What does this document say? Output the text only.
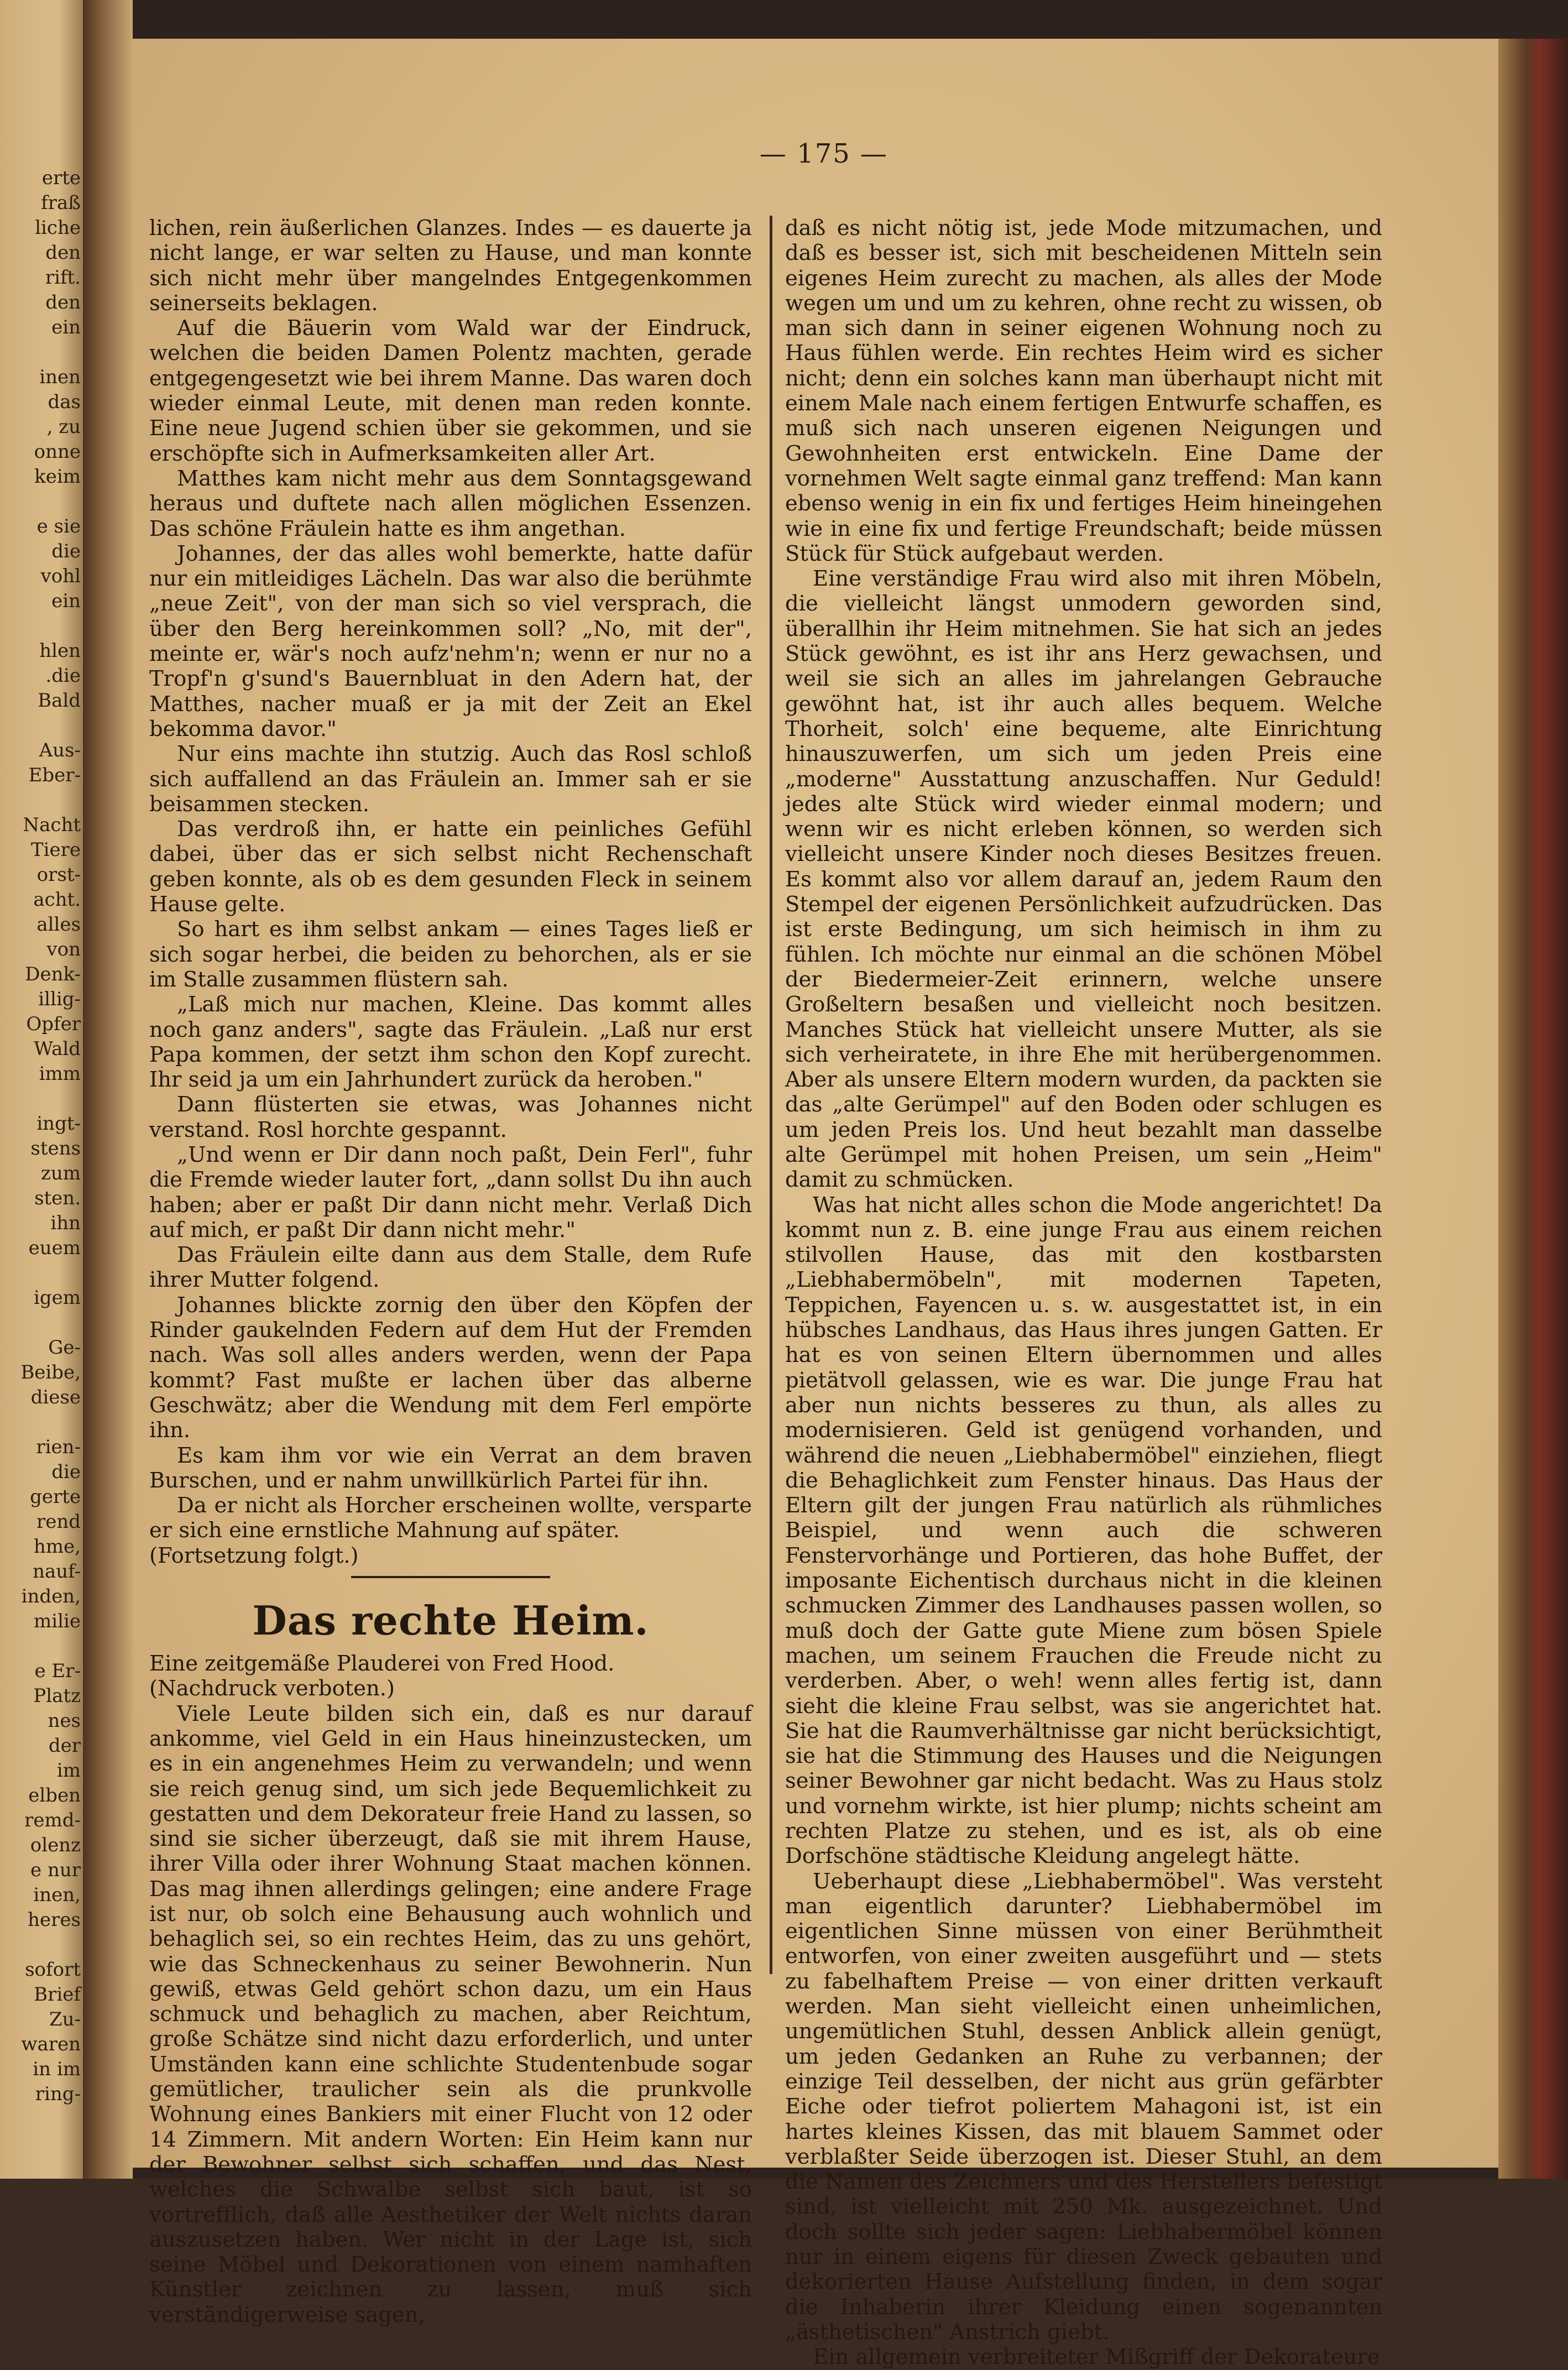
erte
fraß
liche
den
rift.
den
ein
inen
das
, zu
onne
keim
e sie
die
vohl
ein
hlen
.die
Bald
Aus-
Eber-
Nacht
Tiere
orst-
acht.
alles
von
Denk-
illig-
Opfer
Wald
imm
ingt-
stens
zum
sten.
ihn
euem
igem
Ge-
Beibe,
diese
rien-
die
gerte
rend
hme,
nauf-
inden,
milie
e Er-
Platz
nes
der
im
elben
remd-
olenz
e nur
inen,
heres
sofort
Brief
Zu-
waren
in im
ring-
— 175 —

lichen, rein äußerlichen Glanzes. Indes — es dauerte ja nicht lange, er war selten zu Hause, und man konnte sich nicht mehr über mangelndes Entgegenkommen seinerseits beklagen.

Auf die Bäuerin vom Wald war der Eindruck, welchen die beiden Damen Polentz machten, gerade entgegengesetzt wie bei ihrem Manne. Das waren doch wieder einmal Leute, mit denen man reden konnte. Eine neue Jugend schien über sie gekommen, und sie erschöpfte sich in Aufmerksamkeiten aller Art.

Matthes kam nicht mehr aus dem Sonntagsgewand heraus und duftete nach allen möglichen Essenzen. Das schöne Fräulein hatte es ihm angethan.

Johannes, der das alles wohl bemerkte, hatte dafür nur ein mitleidiges Lächeln. Das war also die berühmte „neue Zeit", von der man sich so viel versprach, die über den Berg hereinkommen soll? „No, mit der", meinte er, wär's noch aufz'nehm'n; wenn er nur no a Tropf'n g'sund's Bauernbluat in den Adern hat, der Matthes, nacher muaß er ja mit der Zeit an Ekel bekomma davor."

Nur eins machte ihn stutzig. Auch das Rosl schloß sich auffallend an das Fräulein an. Immer sah er sie beisammen stecken.

Das verdroß ihn, er hatte ein peinliches Gefühl dabei, über das er sich selbst nicht Rechenschaft geben konnte, als ob es dem gesunden Fleck in seinem Hause gelte.

So hart es ihm selbst ankam — eines Tages ließ er sich sogar herbei, die beiden zu behorchen, als er sie im Stalle zusammen flüstern sah.

„Laß mich nur machen, Kleine. Das kommt alles noch ganz anders", sagte das Fräulein. „Laß nur erst Papa kommen, der setzt ihm schon den Kopf zurecht. Ihr seid ja um ein Jahrhundert zurück da heroben."

Dann flüsterten sie etwas, was Johannes nicht verstand. Rosl horchte gespannt.

„Und wenn er Dir dann noch paßt, Dein Ferl", fuhr die Fremde wieder lauter fort, „dann sollst Du ihn auch haben; aber er paßt Dir dann nicht mehr. Verlaß Dich auf mich, er paßt Dir dann nicht mehr."

Das Fräulein eilte dann aus dem Stalle, dem Rufe ihrer Mutter folgend.

Johannes blickte zornig den über den Köpfen der Rinder gaukelnden Federn auf dem Hut der Fremden nach. Was soll alles anders werden, wenn der Papa kommt? Fast mußte er lachen über das alberne Geschwätz; aber die Wendung mit dem Ferl empörte ihn.

Es kam ihm vor wie ein Verrat an dem braven Burschen, und er nahm unwillkürlich Partei für ihn.

Da er nicht als Horcher erscheinen wollte, versparte er sich eine ernstliche Mahnung auf später.

(Fortsetzung folgt.)

Das rechte Heim.

Eine zeitgemäße Plauderei von Fred Hood.

(Nachdruck verboten.)

Viele Leute bilden sich ein, daß es nur darauf ankomme, viel Geld in ein Haus hineinzustecken, um es in ein angenehmes Heim zu verwandeln; und wenn sie reich genug sind, um sich jede Bequemlichkeit zu gestatten und dem Dekorateur freie Hand zu lassen, so sind sie sicher überzeugt, daß sie mit ihrem Hause, ihrer Villa oder ihrer Wohnung Staat machen können. Das mag ihnen allerdings gelingen; eine andere Frage ist nur, ob solch eine Behausung auch wohnlich und behaglich sei, so ein rechtes Heim, das zu uns gehört, wie das Schneckenhaus zu seiner Bewohnerin. Nun gewiß, etwas Geld gehört schon dazu, um ein Haus schmuck und behaglich zu machen, aber Reichtum, große Schätze sind nicht dazu erforderlich, und unter Umständen kann eine schlichte Studentenbude sogar gemütlicher, traulicher sein als die prunkvolle Wohnung eines Bankiers mit einer Flucht von 12 oder 14 Zimmern. Mit andern Worten: Ein Heim kann nur der Bewohner selbst sich schaffen, und das Nest, welches die Schwalbe selbst sich baut, ist so vortrefflich, daß alle Aesthetiker der Welt nichts daran auszusetzen haben. Wer nicht in der Lage ist, sich seine Möbel und Dekorationen von einem namhaften Künstler zeichnen zu lassen, muß sich verständigerweise sagen,

daß es nicht nötig ist, jede Mode mitzumachen, und daß es besser ist, sich mit bescheidenen Mitteln sein eigenes Heim zurecht zu machen, als alles der Mode wegen um und um zu kehren, ohne recht zu wissen, ob man sich dann in seiner eigenen Wohnung noch zu Haus fühlen werde. Ein rechtes Heim wird es sicher nicht; denn ein solches kann man überhaupt nicht mit einem Male nach einem fertigen Entwurfe schaffen, es muß sich nach unseren eigenen Neigungen und Gewohnheiten erst entwickeln. Eine Dame der vornehmen Welt sagte einmal ganz treffend: Man kann ebenso wenig in ein fix und fertiges Heim hineingehen wie in eine fix und fertige Freundschaft; beide müssen Stück für Stück aufgebaut werden.

Eine verständige Frau wird also mit ihren Möbeln, die vielleicht längst unmodern geworden sind, überallhin ihr Heim mitnehmen. Sie hat sich an jedes Stück gewöhnt, es ist ihr ans Herz gewachsen, und weil sie sich an alles im jahrelangen Gebrauche gewöhnt hat, ist ihr auch alles bequem. Welche Thorheit, solch' eine bequeme, alte Einrichtung hinauszuwerfen, um sich um jeden Preis eine „moderne" Ausstattung anzuschaffen. Nur Geduld! jedes alte Stück wird wieder einmal modern; und wenn wir es nicht erleben können, so werden sich vielleicht unsere Kinder noch dieses Besitzes freuen. Es kommt also vor allem darauf an, jedem Raum den Stempel der eigenen Persönlichkeit aufzudrücken. Das ist erste Bedingung, um sich heimisch in ihm zu fühlen. Ich möchte nur einmal an die schönen Möbel der Biedermeier-Zeit erinnern, welche unsere Großeltern besaßen und vielleicht noch besitzen. Manches Stück hat vielleicht unsere Mutter, als sie sich verheiratete, in ihre Ehe mit herübergenommen. Aber als unsere Eltern modern wurden, da packten sie das „alte Gerümpel" auf den Boden oder schlugen es um jeden Preis los. Und heut bezahlt man dasselbe alte Gerümpel mit hohen Preisen, um sein „Heim" damit zu schmücken.

Was hat nicht alles schon die Mode angerichtet! Da kommt nun z. B. eine junge Frau aus einem reichen stilvollen Hause, das mit den kostbarsten „Liebhabermöbeln", mit modernen Tapeten, Teppichen, Fayencen u. s. w. ausgestattet ist, in ein hübsches Landhaus, das Haus ihres jungen Gatten. Er hat es von seinen Eltern übernommen und alles pietätvoll gelassen, wie es war. Die junge Frau hat aber nun nichts besseres zu thun, als alles zu modernisieren. Geld ist genügend vorhanden, und während die neuen „Liebhabermöbel" einziehen, fliegt die Behaglichkeit zum Fenster hinaus. Das Haus der Eltern gilt der jungen Frau natürlich als rühmliches Beispiel, und wenn auch die schweren Fenstervorhänge und Portieren, das hohe Buffet, der imposante Eichentisch durchaus nicht in die kleinen schmucken Zimmer des Landhauses passen wollen, so muß doch der Gatte gute Miene zum bösen Spiele machen, um seinem Frauchen die Freude nicht zu verderben. Aber, o weh! wenn alles fertig ist, dann sieht die kleine Frau selbst, was sie angerichtet hat. Sie hat die Raumverhältnisse gar nicht berücksichtigt, sie hat die Stimmung des Hauses und die Neigungen seiner Bewohner gar nicht bedacht. Was zu Haus stolz und vornehm wirkte, ist hier plump; nichts scheint am rechten Platze zu stehen, und es ist, als ob eine Dorfschöne städtische Kleidung angelegt hätte.

Ueberhaupt diese „Liebhabermöbel". Was versteht man eigentlich darunter? Liebhabermöbel im eigentlichen Sinne müssen von einer Berühmtheit entworfen, von einer zweiten ausgeführt und — stets zu fabelhaftem Preise — von einer dritten verkauft werden. Man sieht vielleicht einen unheimlichen, ungemütlichen Stuhl, dessen Anblick allein genügt, um jeden Gedanken an Ruhe zu verbannen; der einzige Teil desselben, der nicht aus grün gefärbter Eiche oder tiefrot poliertem Mahagoni ist, ist ein hartes kleines Kissen, das mit blauem Sammet oder verblaßter Seide überzogen ist. Dieser Stuhl, an dem die Namen des Zeichners und des Herstellers befestigt sind, ist vielleicht mit 250 Mk. ausgezeichnet. Und doch sollte sich jeder sagen: Liebhabermöbel können nur in einem eigens für diesen Zweck gebauten und dekorierten Hause Aufstellung finden, in dem sogar die Inhaberin ihrer Kleidung einen sogenannten „ästhetischen" Anstrich giebt.

Ein allgemein verbreiteter Mißgriff der Dekorateure
